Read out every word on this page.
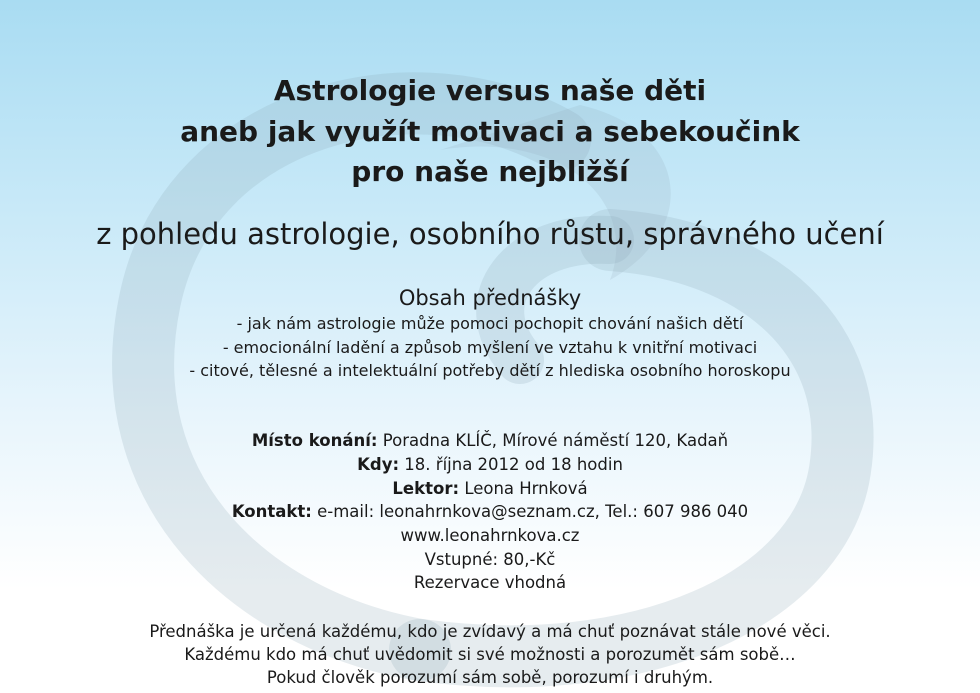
Astrologie versus naše děti
aneb jak využít motivaci a sebekoučink
pro naše nejbližší
z pohledu astrologie, osobního růstu, správného učení
Obsah přednášky
- jak nám astrologie může pomoci pochopit chování našich dětí
- emocionální ladění a způsob myšlení ve vztahu k vnitřní motivaci
- citové, tělesné a intelektuální potřeby dětí z hlediska osobního horoskopu
Místo konání: Poradna KLÍČ, Mírové náměstí 120, Kadaň
Kdy: 18. října 2012 od 18 hodin
Lektor: Leona Hrnková
Kontakt: e-mail: leonahrnkova@seznam.cz, Tel.: 607 986 040
www.leonahrnkova.cz
Vstupné: 80,-Kč
Rezervace vhodná
Přednáška je určená každému, kdo je zvídavý a má chuť poznávat stále nové věci.
Každému kdo má chuť uvědomit si své možnosti a porozumět sám sobě…
Pokud člověk porozumí sám sobě, porozumí i druhým.
